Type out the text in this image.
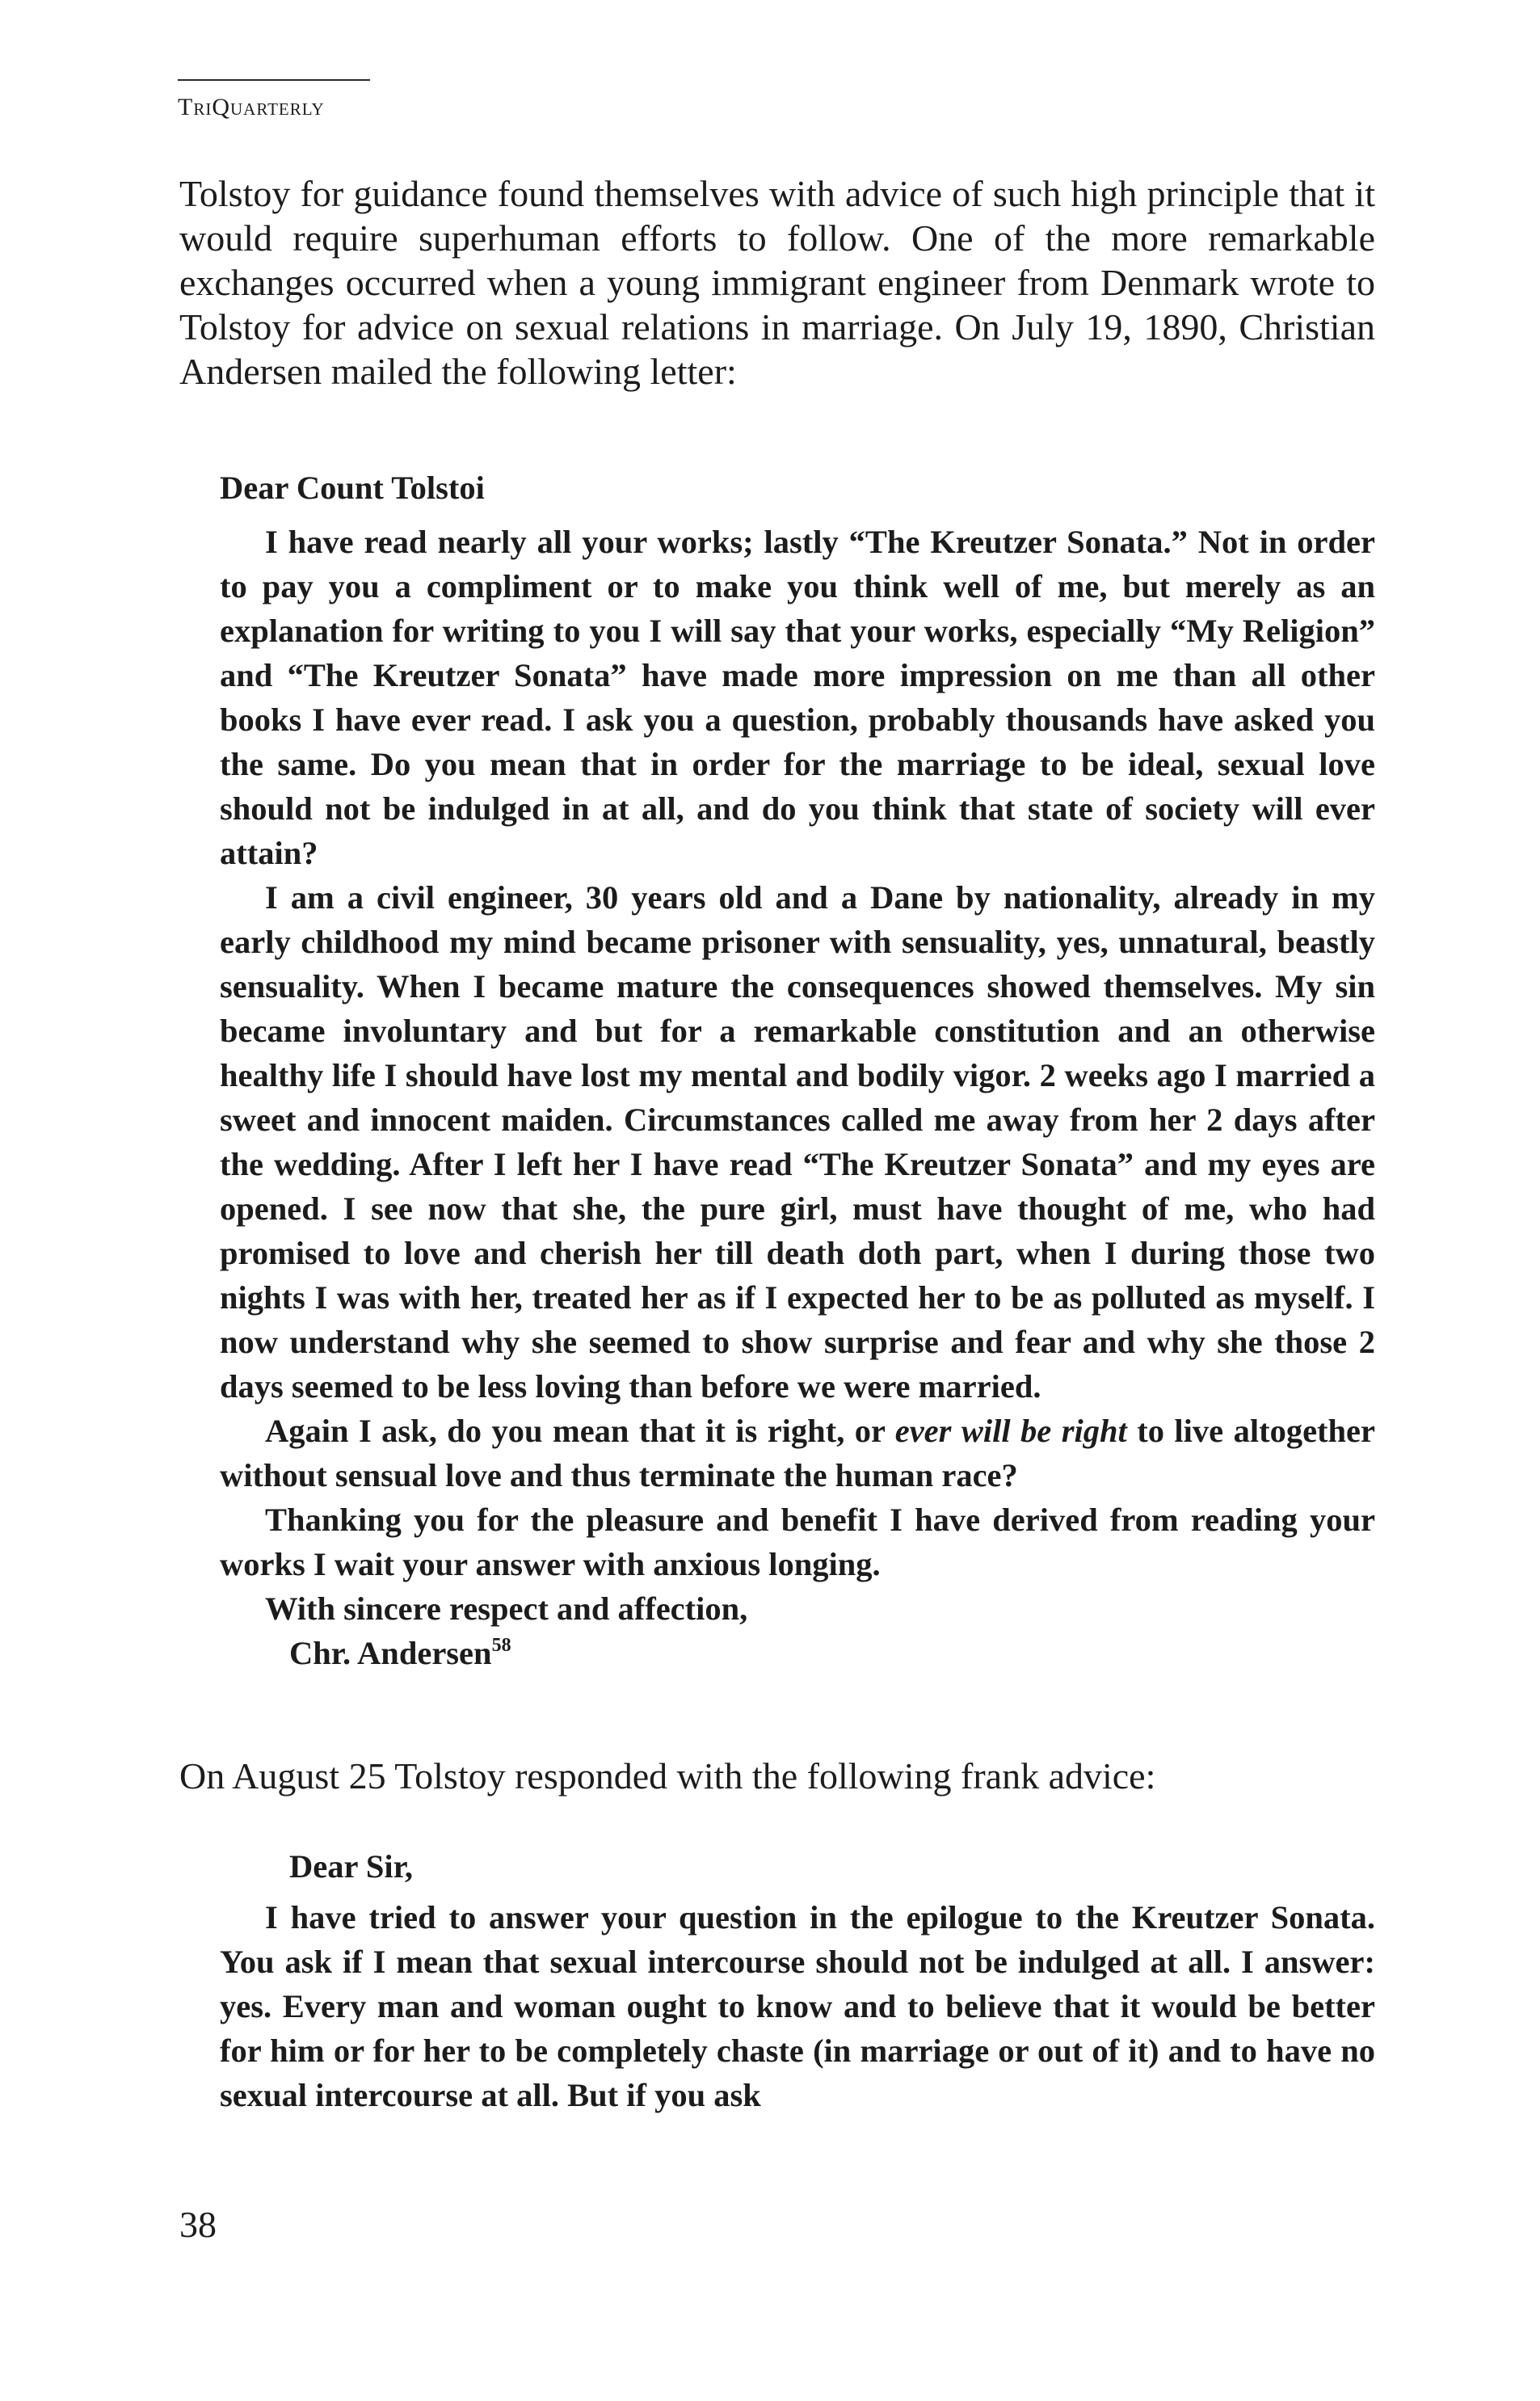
TriQuarterly

Tolstoy for guidance found themselves with advice of such high principle that it would require superhuman efforts to follow. One of the more remarkable exchanges occurred when a young immigrant engineer from Denmark wrote to Tolstoy for advice on sexual relations in marriage. On July 19, 1890, Christian Andersen mailed the following letter:

Dear Count Tolstoi

I have read nearly all your works; lastly “The Kreutzer Sonata.” Not in order to pay you a compliment or to make you think well of me, but merely as an explanation for writing to you I will say that your works, especially “My Religion” and “The Kreutzer Sonata” have made more impression on me than all other books I have ever read. I ask you a question, probably thousands have asked you the same. Do you mean that in order for the marriage to be ideal, sexual love should not be indulged in at all, and do you think that state of society will ever attain?

I am a civil engineer, 30 years old and a Dane by nationality, already in my early childhood my mind became prisoner with sensuality, yes, unnatural, beastly sensuality. When I became mature the consequences showed themselves. My sin became involuntary and but for a remarkable constitution and an otherwise healthy life I should have lost my mental and bodily vigor. 2 weeks ago I married a sweet and innocent maiden. Circumstances called me away from her 2 days after the wedding. After I left her I have read “The Kreutzer Sonata” and my eyes are opened. I see now that she, the pure girl, must have thought of me, who had promised to love and cherish her till death doth part, when I during those two nights I was with her, treated her as if I expected her to be as polluted as myself. I now understand why she seemed to show surprise and fear and why she those 2 days seemed to be less loving than before we were married.

Again I ask, do you mean that it is right, or ever will be right to live altogether without sensual love and thus terminate the human race?

Thanking you for the pleasure and benefit I have derived from reading your works I wait your answer with anxious longing.

With sincere respect and affection,

Chr. Andersen$^{58}$

On August 25 Tolstoy responded with the following frank advice:

Dear Sir,

I have tried to answer your question in the epilogue to the Kreutzer Sonata. You ask if I mean that sexual intercourse should not be indulged at all. I answer: yes. Every man and woman ought to know and to believe that it would be better for him or for her to be completely chaste (in marriage or out of it) and to have no sexual intercourse at all. But if you ask

38
